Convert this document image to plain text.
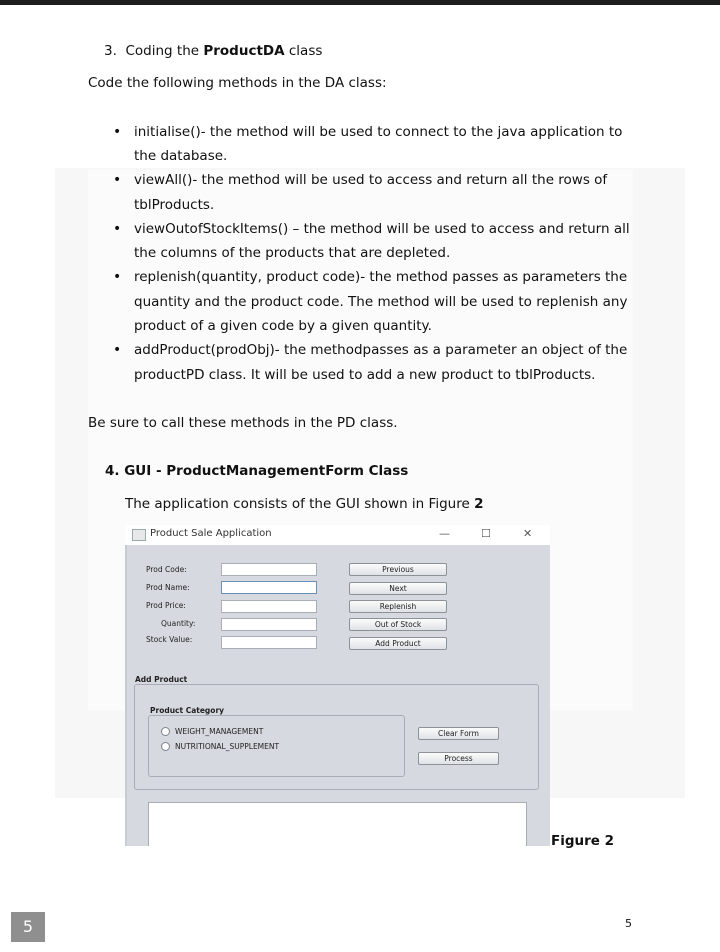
3. Coding the ProductDA class
Code the following methods in the DA class:
• initialise()- the method will be used to connect to the java application to
the database.
• viewAll()- the method will be used to access and return all the rows of
tblProducts.
• viewOutofStockItems() – the method will be used to access and return all
the columns of the products that are depleted.
• replenish(quantity, product code)- the method passes as parameters the
quantity and the product code. The method will be used to replenish any
product of a given code by a given quantity.
• addProduct(prodObj)- the methodpasses as a parameter an object of the
productPD class. It will be used to add a new product to tblProducts.
Be sure to call these methods in the PD class.
4. GUI - ProductManagementForm Class
The application consists of the GUI shown in Figure 2
Product Sale Application	—	☐	✕
Prod Code:
Prod Name:
Prod Price:
Quantity:
Stock Value:
Previous
Next
Replenish
Out of Stock
Add Product
Add Product
Product Category
WEIGHT_MANAGEMENT
NUTRITIONAL_SUPPLEMENT
Clear Form
Process
Figure 2
5	5
